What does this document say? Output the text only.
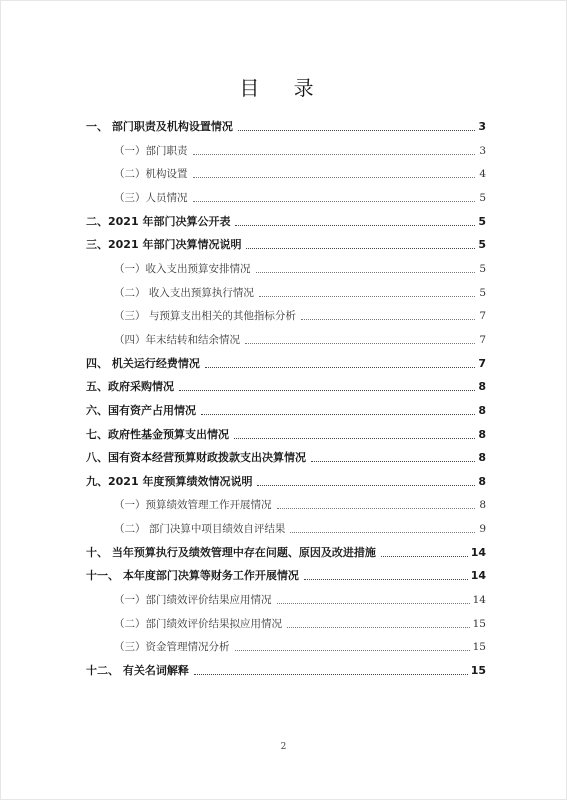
目 录
一、 部门职责及机构设置情况	3
（一）部门职责	3
（二）机构设置	4
（三）人员情况	5
二、2021 年部门决算公开表	5
三、2021 年部门决算情况说明	5
（一）收入支出预算安排情况	5
（二） 收入支出预算执行情况	5
（三） 与预算支出相关的其他指标分析	7
（四）年末结转和结余情况	7
四、 机关运行经费情况	7
五、政府采购情况	8
六、国有资产占用情况	8
七、政府性基金预算支出情况	8
八、国有资本经营预算财政拨款支出决算情况	8
九、2021 年度预算绩效情况说明	8
（一）预算绩效管理工作开展情况	8
（二） 部门决算中项目绩效自评结果	9
十、 当年预算执行及绩效管理中存在问题、原因及改进措施	14
十一、 本年度部门决算等财务工作开展情况	14
（一）部门绩效评价结果应用情况	14
（二）部门绩效评价结果拟应用情况	15
（三）资金管理情况分析	15
十二、 有关名词解释	15
2
